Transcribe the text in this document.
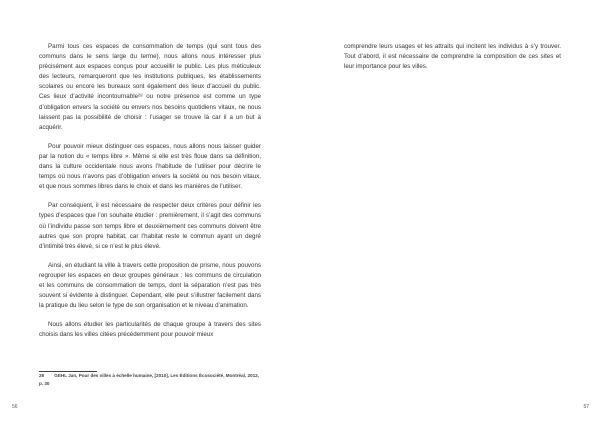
Parmi tous ces espaces de consommation de temps (qui sont tous des communs dans le sens large du terme), nous allons nous intéresser plus précisément aux espaces conçus pour accueillir le public. Les plus méticuleux des lecteurs, remarqueront que les institutions publiques, les établissements scolaires ou encore les bureaux sont également des lieux d’accueil du public. Ces lieux d’activité incontournable²⁸ ou notre présence est comme un type d’obligation envers la société ou envers nos besoins quotidiens vitaux, ne nous laissent pas la possibilité de choisir : l’usager se trouve là car il a un but à acquérir.

Pour pouvoir mieux distinguer ces espaces, nous allons nous laisser guider par la notion du « temps libre ». Même si elle est très floue dans sa définition, dans la culture occidentale nous avons l’habitude de l’utiliser pour décrire le temps où nous n’avons pas d’obligation envers la société ou nos besoin vitaux, et que nous sommes libres dans le choix et dans les manières de l’utiliser.

Par conséquent, il est nécessaire de respecter deux critères pour définir les types d’espaces que l’on souhaite étudier : premièrement, il s’agit des communs où l’individu passe son temps libre et deuxièmement ces communs doivent être autres que son propre habitat, car l’habitat reste le commun ayant un degré d’intimité très élevé, si ce n’est le plus élevé.

Ainsi, en étudiant la ville à travers cette proposition de prisme, nous pouvons regrouper les espaces en deux groupes généraux : les communs de circulation et les communs de consommation de temps, dont la séparation n’est pas très souvent si évidente à distinguer. Cependant, elle peut s’illustrer facilement dans la pratique du lieu selon le type de son organisation et le niveau d’animation.

Nous allons étudier les particularités de chaque groupe à travers des sites choisis dans les villes citées précédemment pour pouvoir mieux

28 GEHL Jan, Pour des villes à échelle humaine, [2010], Les Éditions Écosociété, Montréal, 2012, p. 30
56

comprendre leurs usages et les attraits qui incitent les individus à s’y trouver. Tout d’abord, il est nécessaire de comprendre la composition de ces sites et leur importance pour les villes.

57
